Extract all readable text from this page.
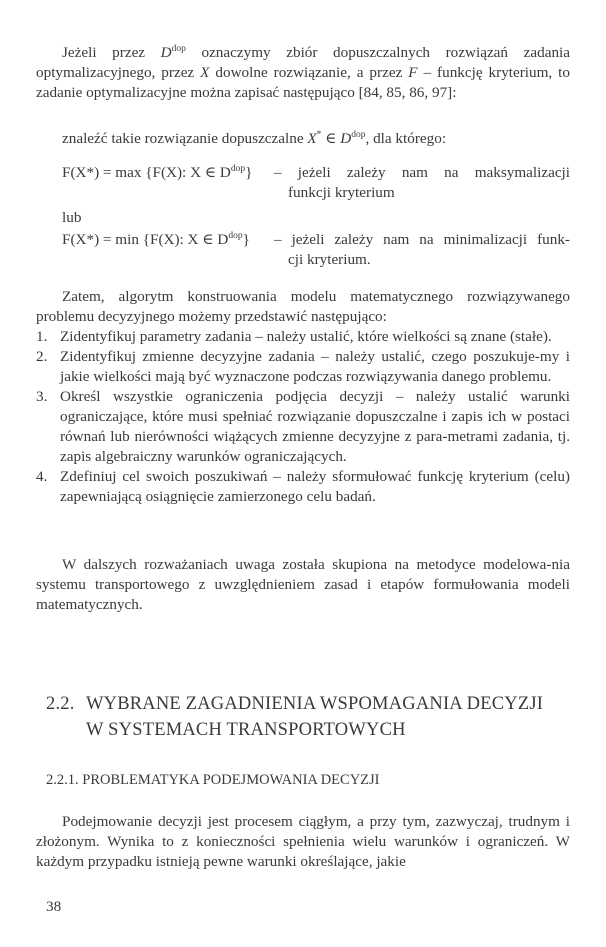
Jeżeli przez $D^{dop}$ oznaczymy zbiór dopuszczalnych rozwiązań zadania optymalizacyjnego, przez X dowolne rozwiązanie, a przez F – funkcję kryterium, to zadanie optymalizacyjne można zapisać następująco [84, 85, 86, 97]:

znaleźć takie rozwiązanie dopuszczalne X* ∈ $D^{dop}$, dla którego:
F(X*) = max {F(X): X ∈ $D^{dop}$} – jeżeli zależy nam na maksymalizacji
funkcji kryterium
lub
F(X*) = min {F(X): X ∈ $D^{dop}$} – jeżeli zależy nam na minimalizacji funk-
cji kryterium.

Zatem, algorytm konstruowania modelu matematycznego rozwiązywanego problemu decyzyjnego możemy przedstawić następująco:

1. Zidentyfikuj parametry zadania – należy ustalić, które wielkości są znane (stałe).
2. Zidentyfikuj zmienne decyzyjne zadania – należy ustalić, czego poszukuje-my i jakie wielkości mają być wyznaczone podczas rozwiązywania danego problemu.
3. Określ wszystkie ograniczenia podjęcia decyzji – należy ustalić warunki ograniczające, które musi spełniać rozwiązanie dopuszczalne i zapis ich w postaci równań lub nierówności wiążących zmienne decyzyjne z para-metrami zadania, tj. zapis algebraiczny warunków ograniczających.
4. Zdefiniuj cel swoich poszukiwań – należy sformułować funkcję kryterium (celu) zapewniającą osiągnięcie zamierzonego celu badań.

W dalszych rozważaniach uwaga została skupiona na metodyce modelowa-nia systemu transportowego z uwzględnieniem zasad i etapów formułowania modeli matematycznych.

2.2. WYBRANE ZAGADNIENIA WSPOMAGANIA DECYZJI
W SYSTEMACH TRANSPORTOWYCH
2.2.1. PROBLEMATYKA PODEJMOWANIA DECYZJI

Podejmowanie decyzji jest procesem ciągłym, a przy tym, zazwyczaj, trudnym i złożonym. Wynika to z konieczności spełnienia wielu warunków i ograniczeń. W każdym przypadku istnieją pewne warunki określające, jakie

38
